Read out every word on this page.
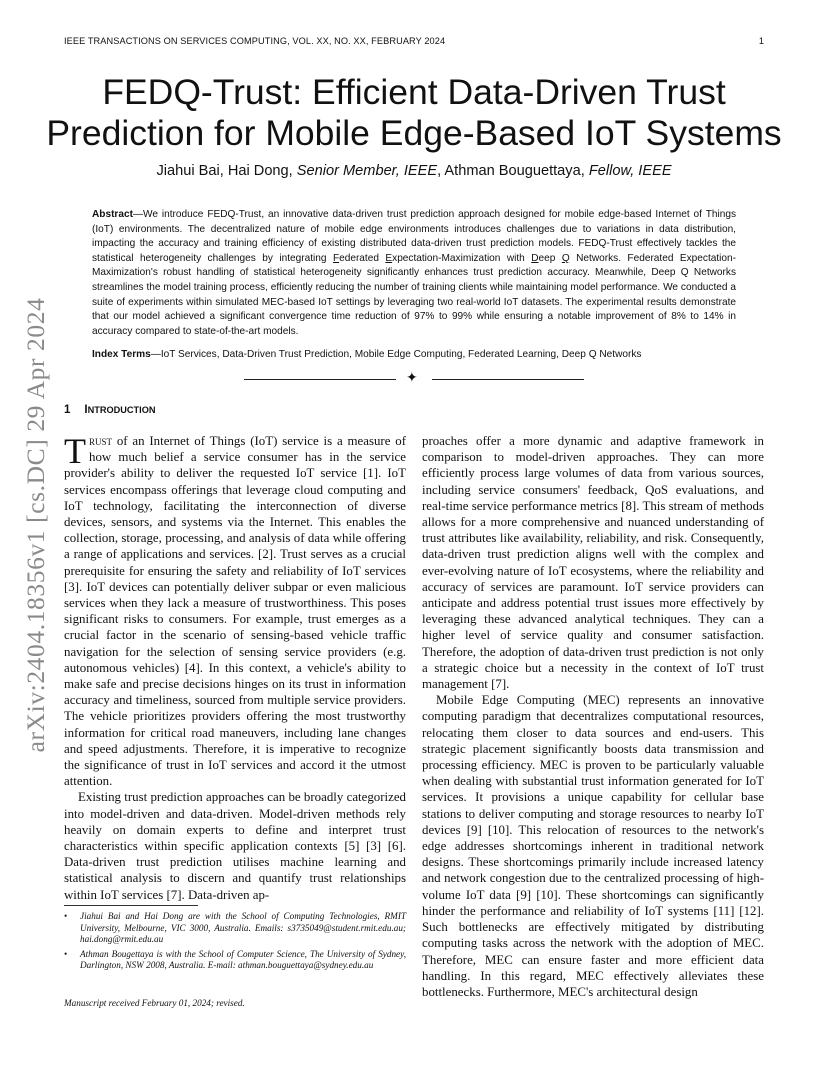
IEEE TRANSACTIONS ON SERVICES COMPUTING, VOL. XX, NO. XX, FEBRUARY 2024	1
arXiv:2404.18356v1 [cs.DC] 29 Apr 2024
FEDQ-Trust: Efficient Data-Driven Trust
Prediction for Mobile Edge-Based IoT Systems
Jiahui Bai, Hai Dong, Senior Member, IEEE, Athman Bouguettaya, Fellow, IEEE
Abstract—We introduce FEDQ-Trust, an innovative data-driven trust prediction approach designed for mobile edge-based Internet of Things (IoT) environments. The decentralized nature of mobile edge environments introduces challenges due to variations in data distribution, impacting the accuracy and training efficiency of existing distributed data-driven trust prediction models. FEDQ-Trust effectively tackles the statistical heterogeneity challenges by integrating Federated Expectation-Maximization with Deep Q Networks. Federated Expectation-Maximization's robust handling of statistical heterogeneity significantly enhances trust prediction accuracy. Meanwhile, Deep Q Networks streamlines the model training process, efficiently reducing the number of training clients while maintaining model performance. We conducted a suite of experiments within simulated MEC-based IoT settings by leveraging two real-world IoT datasets. The experimental results demonstrate that our model achieved a significant convergence time reduction of 97% to 99% while ensuring a notable improvement of 8% to 14% in accuracy compared to state-of-the-art models.
Index Terms—IoT Services, Data-Driven Trust Prediction, Mobile Edge Computing, Federated Learning, Deep Q Networks
✦
1 INTRODUCTION

Trust of an Internet of Things (IoT) service is a measure of how much belief a service consumer has in the service provider's ability to deliver the requested IoT service [1]. IoT services encompass offerings that leverage cloud computing and IoT technology, facilitating the interconnection of diverse devices, sensors, and systems via the Internet. This enables the collection, storage, processing, and analysis of data while offering a range of applications and services. [2]. Trust serves as a crucial prerequisite for ensuring the safety and reliability of IoT services [3]. IoT devices can potentially deliver subpar or even malicious services when they lack a measure of trustworthiness. This poses significant risks to consumers. For example, trust emerges as a crucial factor in the scenario of sensing-based vehicle traffic navigation for the selection of sensing service providers (e.g. autonomous vehicles) [4]. In this context, a vehicle's ability to make safe and precise decisions hinges on its trust in information accuracy and timeliness, sourced from multiple service providers. The vehicle prioritizes providers offering the most trustworthy information for critical road maneuvers, including lane changes and speed adjustments. Therefore, it is imperative to recognize the significance of trust in IoT services and accord it the utmost attention.

Existing trust prediction approaches can be broadly categorized into model-driven and data-driven. Model-driven methods rely heavily on domain experts to define and interpret trust characteristics within specific application contexts [5] [3] [6]. Data-driven trust prediction utilises machine learning and statistical analysis to discern and quantify trust relationships within IoT services [7]. Data-driven ap-

proaches offer a more dynamic and adaptive framework in comparison to model-driven approaches. They can more efficiently process large volumes of data from various sources, including service consumers' feedback, QoS evaluations, and real-time service performance metrics [8]. This stream of methods allows for a more comprehensive and nuanced understanding of trust attributes like availability, reliability, and risk. Consequently, data-driven trust prediction aligns well with the complex and ever-evolving nature of IoT ecosystems, where the reliability and accuracy of services are paramount. IoT service providers can anticipate and address potential trust issues more effectively by leveraging these advanced analytical techniques. They can a higher level of service quality and consumer satisfaction. Therefore, the adoption of data-driven trust prediction is not only a strategic choice but a necessity in the context of IoT trust management [7].

Mobile Edge Computing (MEC) represents an innovative computing paradigm that decentralizes computational resources, relocating them closer to data sources and end-users. This strategic placement significantly boosts data transmission and processing efficiency. MEC is proven to be particularly valuable when dealing with substantial trust information generated for IoT services. It provisions a unique capability for cellular base stations to deliver computing and storage resources to nearby IoT devices [9] [10]. This relocation of resources to the network's edge addresses shortcomings inherent in traditional network designs. These shortcomings primarily include increased latency and network congestion due to the centralized processing of high-volume IoT data [9] [10]. These shortcomings can significantly hinder the performance and reliability of IoT systems [11] [12]. Such bottlenecks are effectively mitigated by distributing computing tasks across the network with the adoption of MEC. Therefore, MEC can ensure faster and more efficient data handling. In this regard, MEC effectively alleviates these bottlenecks. Furthermore, MEC's architectural design

• Jiahui Bai and Hai Dong are with the School of Computing Technologies, RMIT University, Melbourne, VIC 3000, Australia. Emails: s3735049@student.rmit.edu.au; hai.dong@rmit.edu.au
• Athman Bougettaya is with the School of Computer Science, The University of Sydney, Darlington, NSW 2008, Australia. E-mail: athman.bouguettaya@sydney.edu.au
Manuscript received February 01, 2024; revised.
